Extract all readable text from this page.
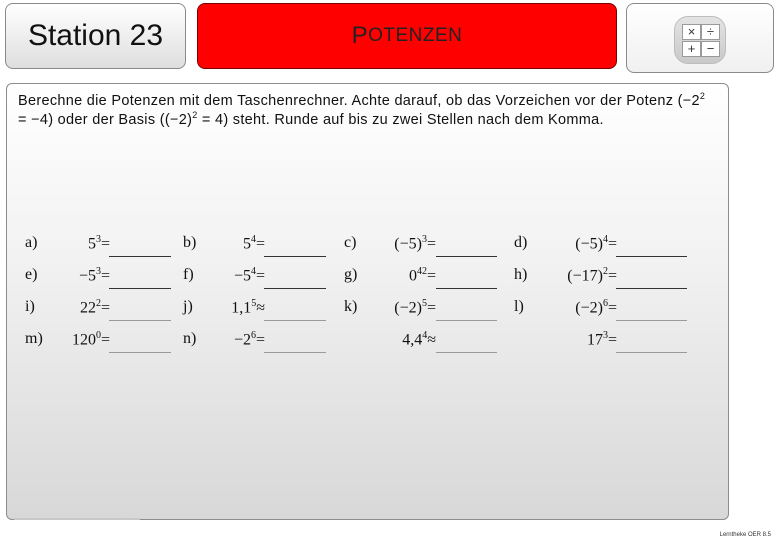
Station 23	P OTENZEN	× ÷
+ −
Berechne die Potenzen mit dem Taschenrechner. Achte darauf, ob das Vorzeichen vor der Potenz $(-2^2 = -4)$ oder der Basis $((-2)^2 = 4)$ steht. Runde auf bis zu zwei Stellen nach dem Komma.
a)	$5^3=$	b)	$5^4=$	c) $(-5)^3=$	d)	$(-5)^4=$
e)	$-5^3=$	f)	$-5^4=$	g)	$0^{42}=$	h) $(-17)^2=$
i)	$22^2=$	j) $1,1^5\approx$	k) $(-2)^5=$	l)	$(-2)^6=$
m) $120^0=$	$n) -2^6=$	$4,4^4\approx$	$17^3=$
Lerntheke OER 8.5
